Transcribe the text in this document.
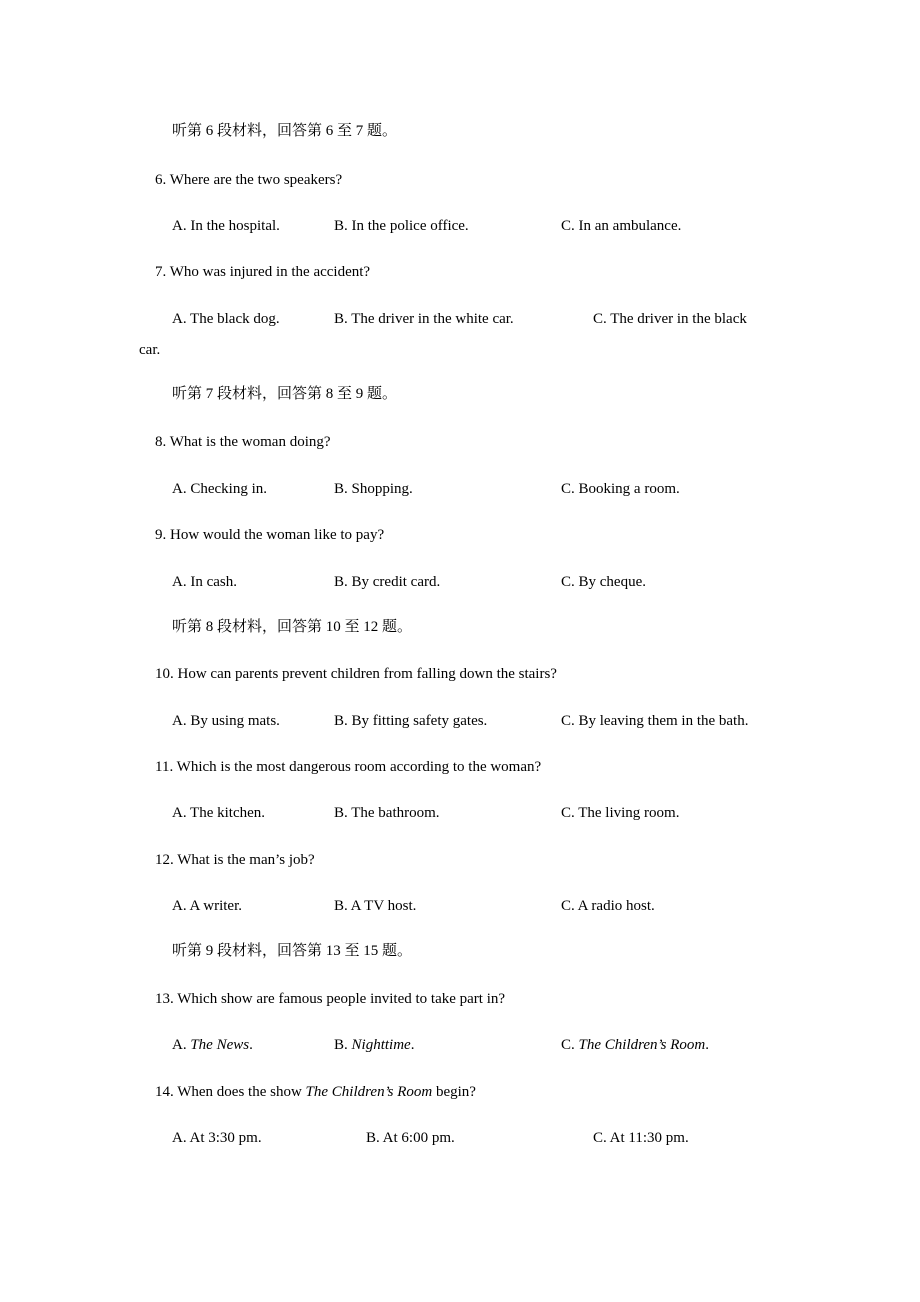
听第 6 段材料，回答第 6 至 7 题。
6. Where are the two speakers?
A. In the hospital.	B. In the police office.	C. In an ambulance.
7. Who was injured in the accident?
A. The black dog.	B. The driver in the white car.	C. The driver in the black
car.
听第 7 段材料，回答第 8 至 9 题。
8. What is the woman doing?
A. Checking in.	B. Shopping.	C. Booking a room.
9. How would the woman like to pay?
A. In cash.	B. By credit card.	C. By cheque.
听第 8 段材料，回答第 10 至 12 题。
10. How can parents prevent children from falling down the stairs?
A. By using mats.	B. By fitting safety gates.	C. By leaving them in the bath.
11. Which is the most dangerous room according to the woman?
A. The kitchen.	B. The bathroom.	C. The living room.
12. What is the man’s job?
A. A writer.	B. A TV host.	C. A radio host.
听第 9 段材料，回答第 13 至 15 题。
13. Which show are famous people invited to take part in?
A. The News.	B. Nighttime.	C. The Children’s Room.
14. When does the show The Children’s Room begin?
A. At 3:30 pm.	B. At 6:00 pm.	C. At 11:30 pm.
